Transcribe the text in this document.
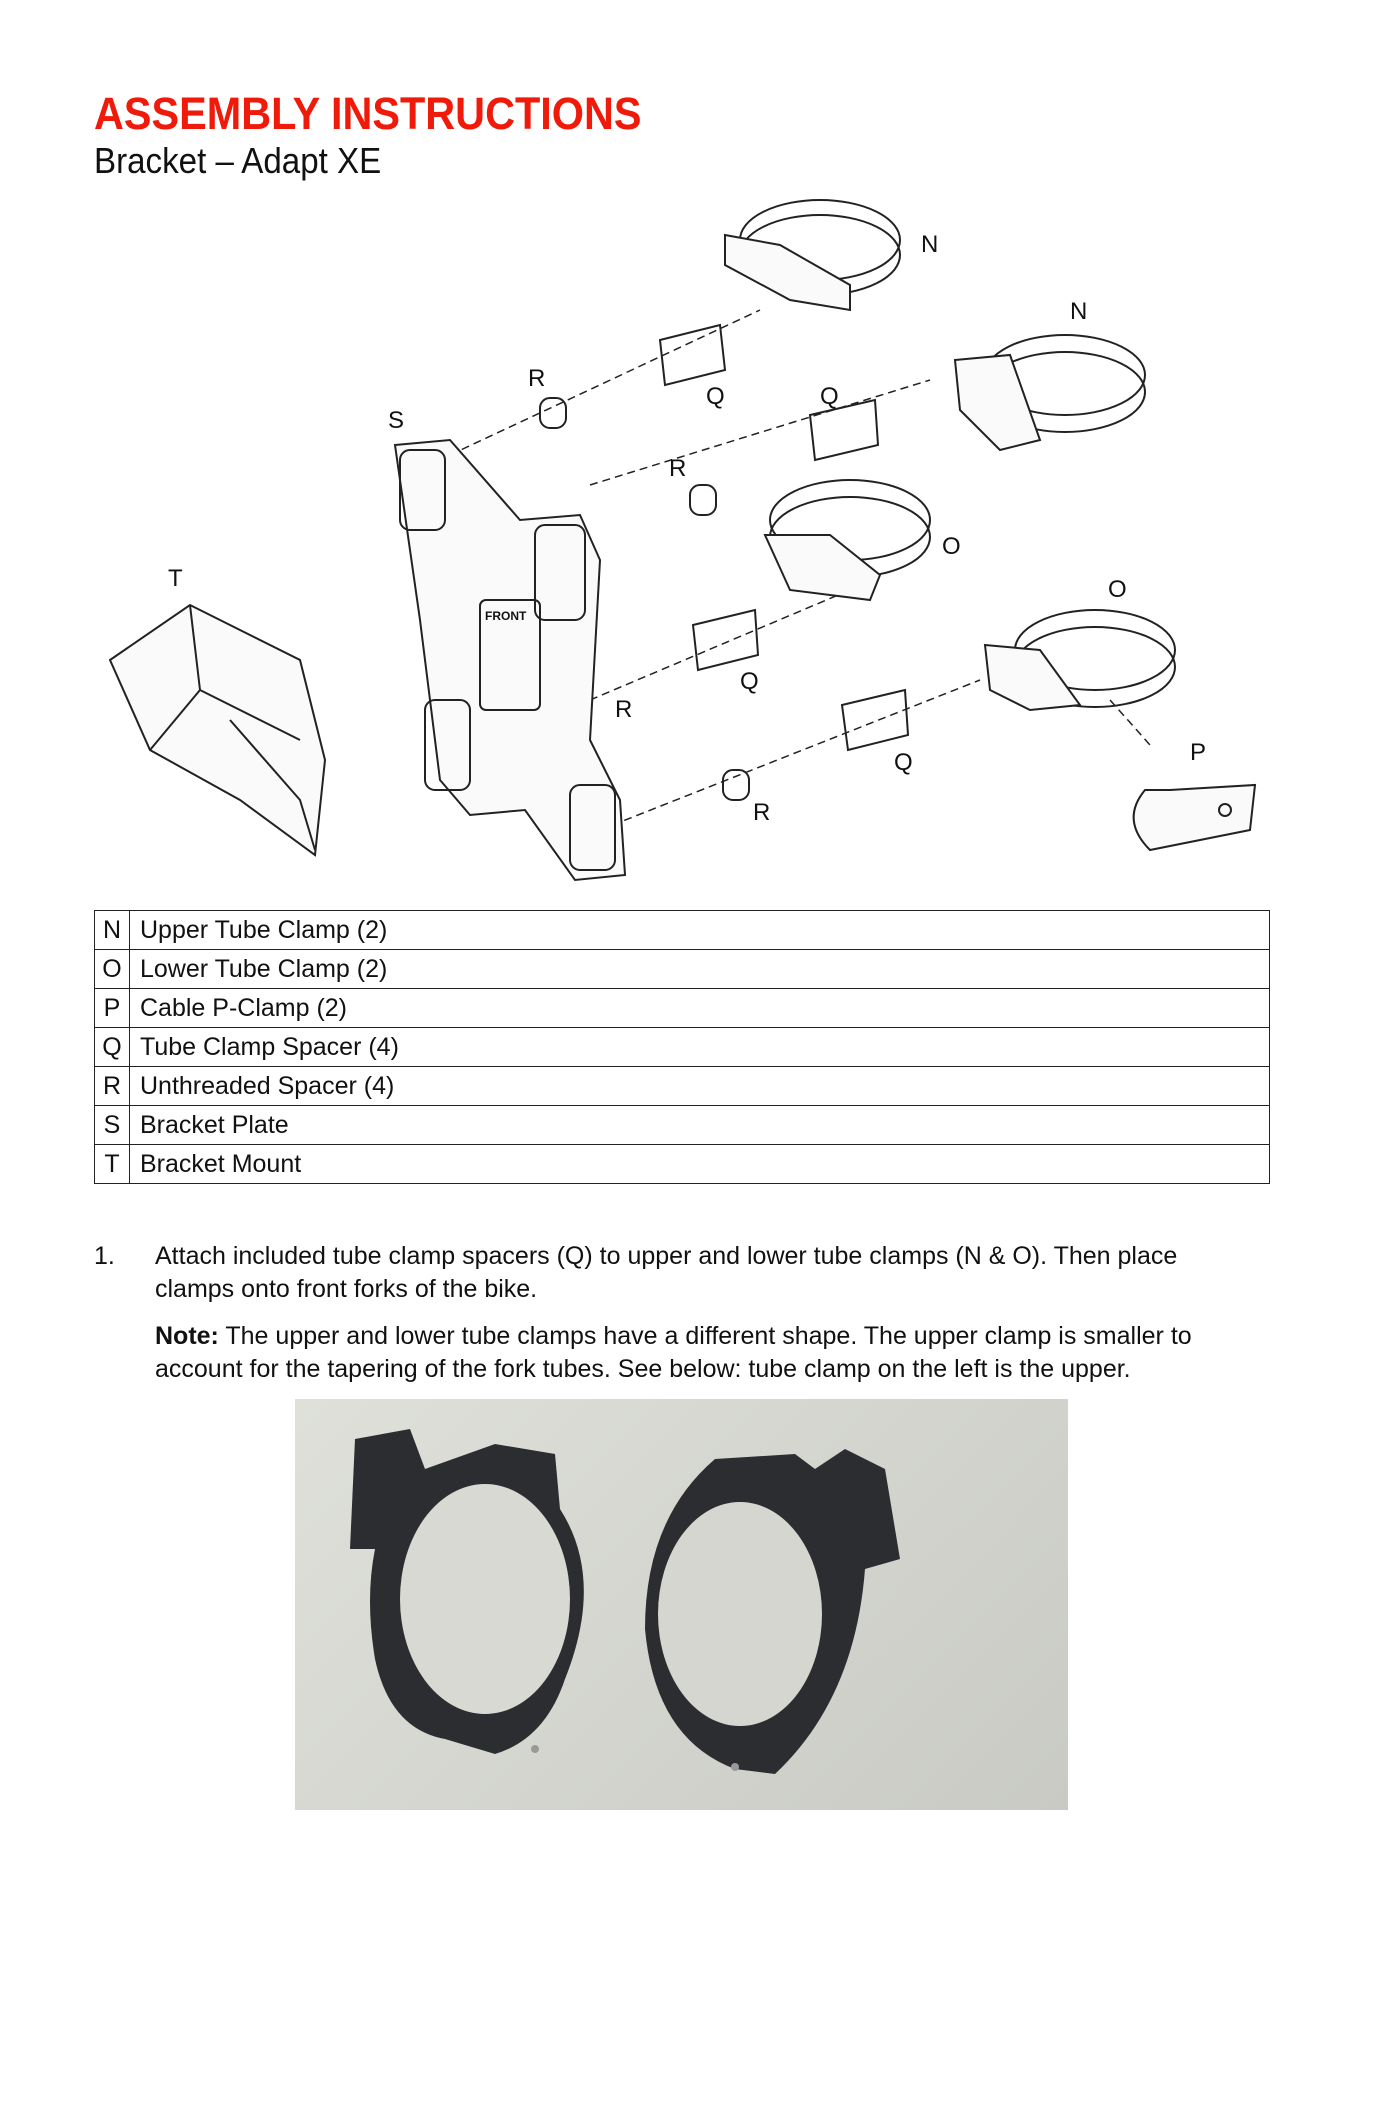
ASSEMBLY INSTRUCTIONS
Bracket – Adapt XE
FRONT
N
N
R
Q	Q
S
R
O
T	O
Q
R
P
Q
R
N	Upper Tube Clamp (2)
O	Lower Tube Clamp (2)
P	Cable P-Clamp (2)
Q	Tube Clamp Spacer (4)
R	Unthreaded Spacer (4)
S	Bracket Plate
T	Bracket Mount
1. Attach included tube clamp spacers (Q) to upper and lower tube clamps (N & O). Then place clamps onto front forks of the bike.

Note: The upper and lower tube clamps have a different shape. The upper clamp is smaller to account for the tapering of the fork tubes. See below: tube clamp on the left is the upper.
